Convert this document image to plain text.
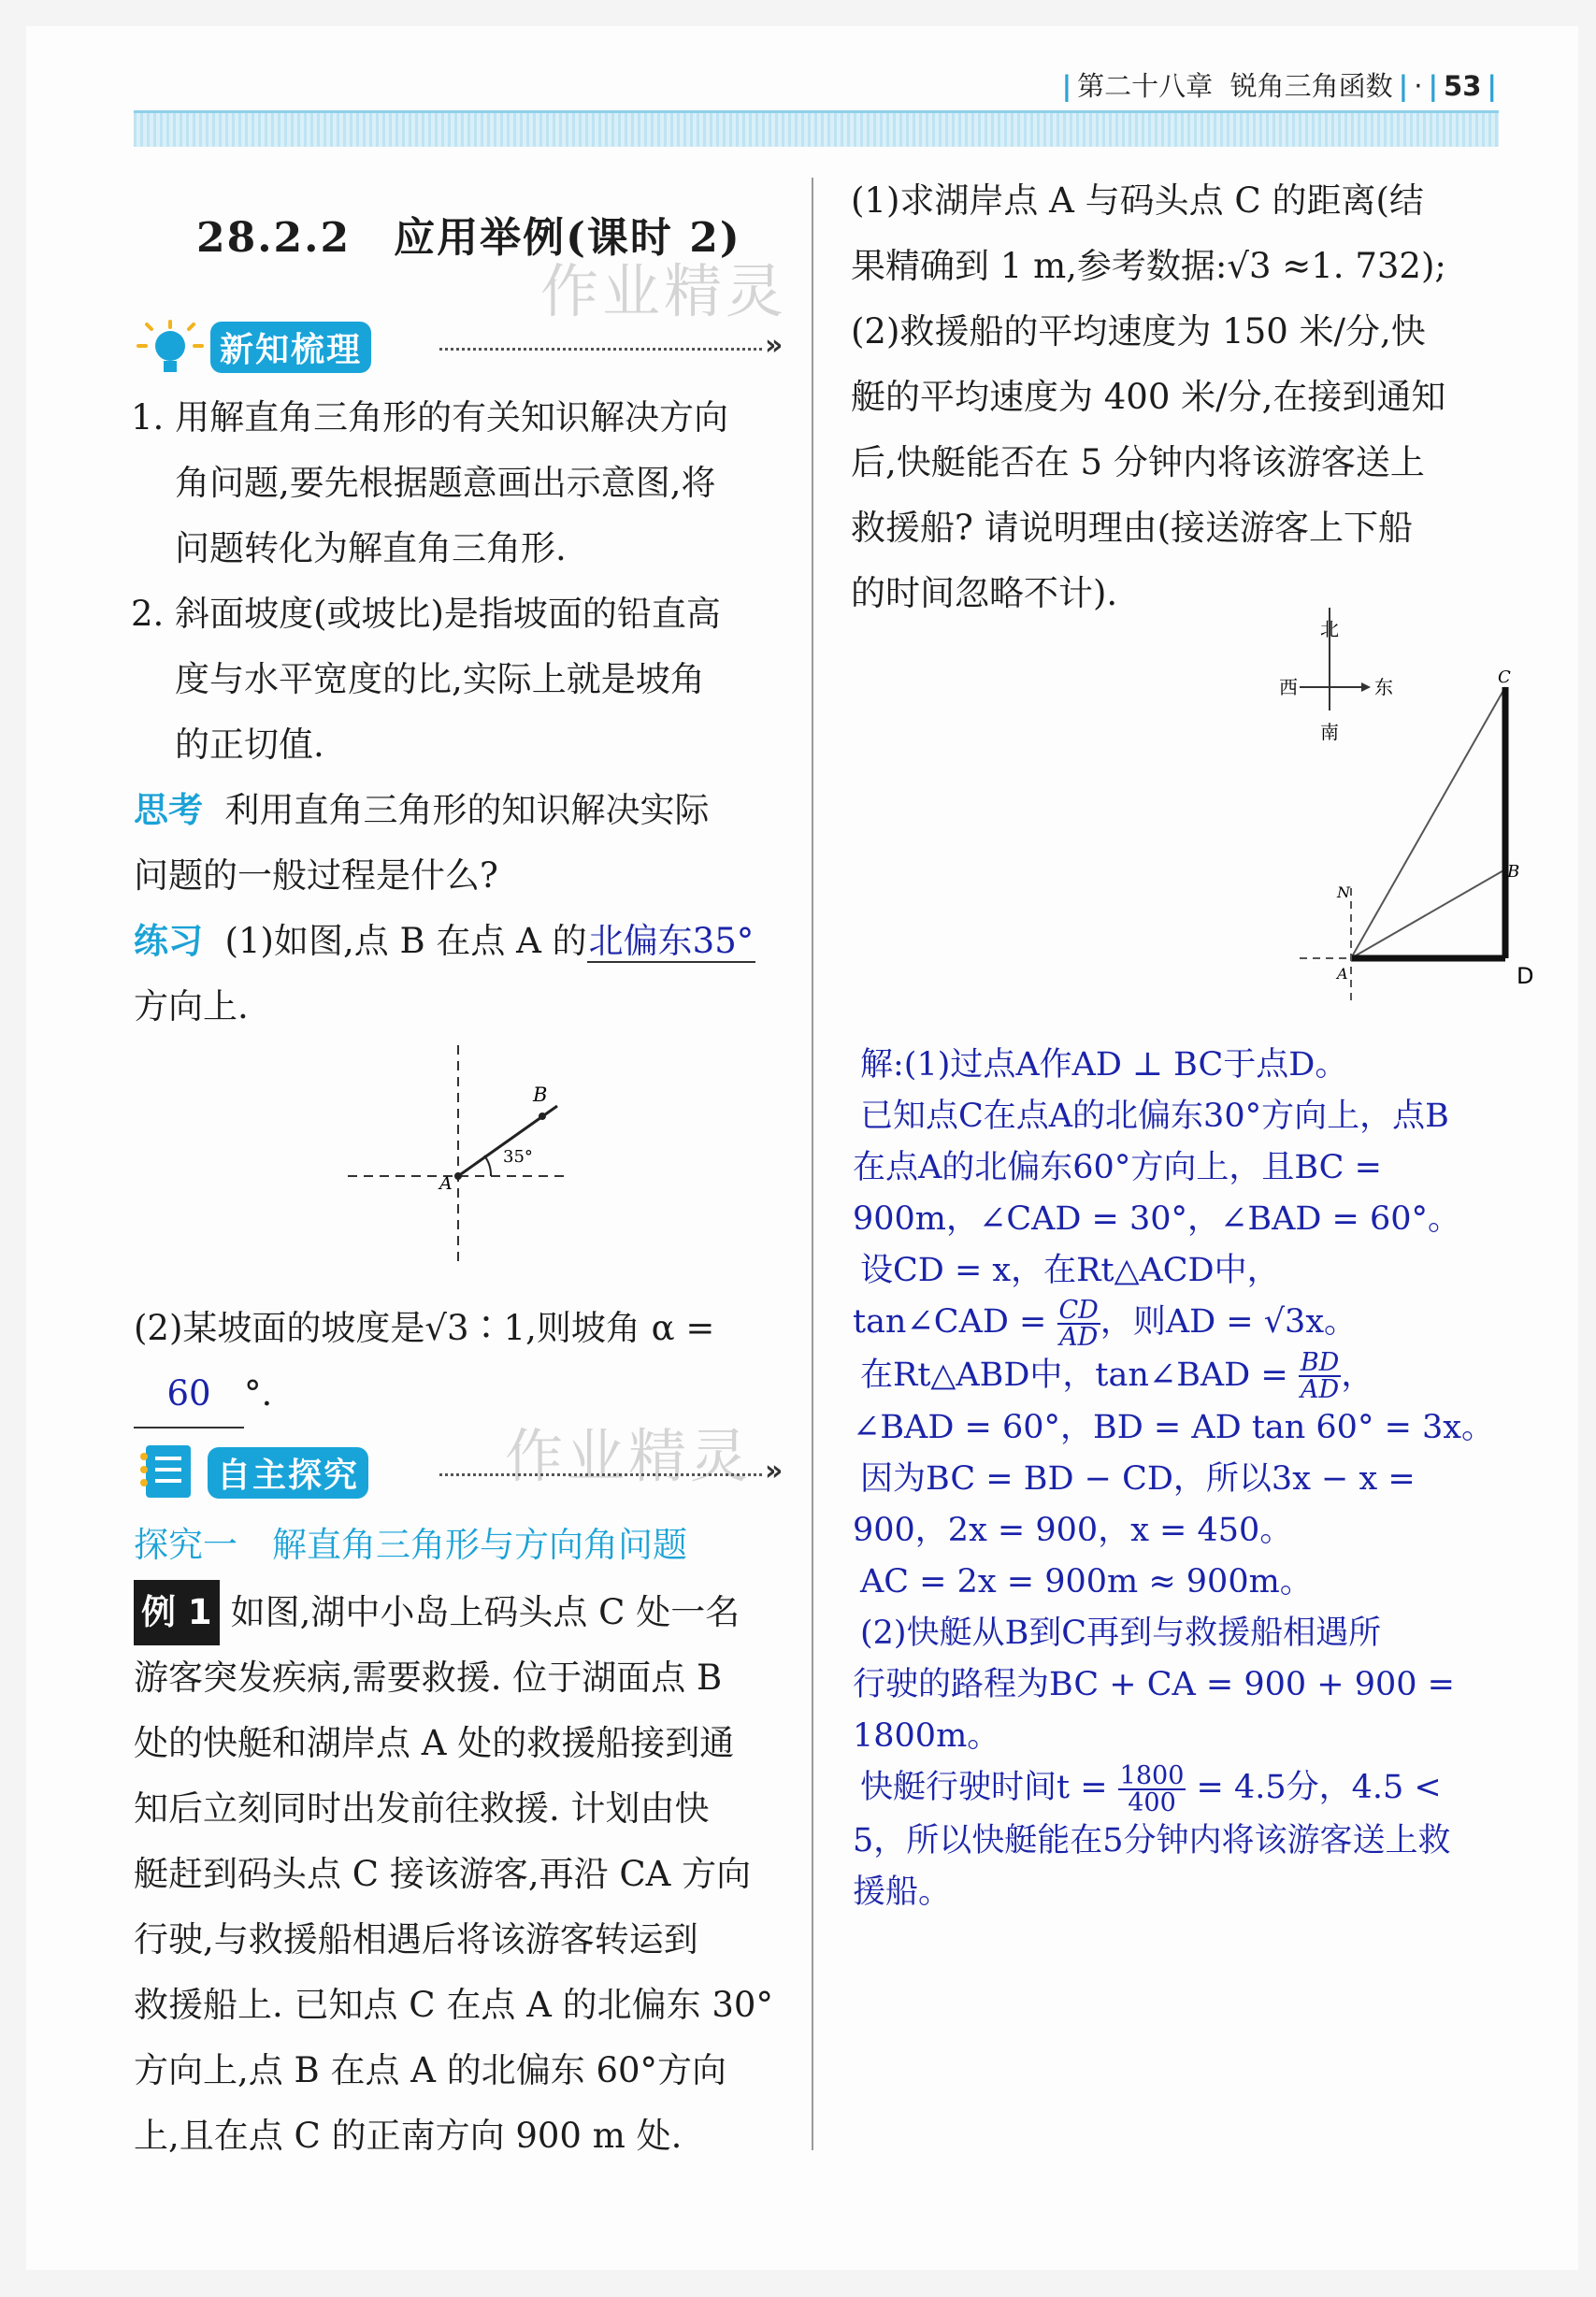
| 第二十八章 锐角三角函数 | · | 53 |
28.2.2　应用举例(课时 2)
作业精灵
新知梳理	»
1. 用解直角三角形的有关知识解决方向
角问题,要先根据题意画出示意图,将
问题转化为解直角三角形.
2. 斜面坡度(或坡比)是指坡面的铅直高
度与水平宽度的比,实际上就是坡角
的正切值.
思考 利用直角三角形的知识解决实际
问题的一般过程是什么?
练习 (1)如图,点 B 在点 A 的北偏东35°
方向上.
A
B
35°
(2)某坡面的坡度是√3∶1,则坡角 α =
60 °.
自主探究	作业精灵 »
探究一　解直角三角形与方向角问题
例 1 如图,湖中小岛上码头点 C 处一名
游客突发疾病,需要救援. 位于湖面点 B
处的快艇和湖岸点 A 处的救援船接到通
知后立刻同时出发前往救援. 计划由快
艇赶到码头点 C 接该游客,再沿 CA 方向
行驶,与救援船相遇后将该游客转运到
救援船上. 已知点 C 在点 A 的北偏东 30°
方向上,点 B 在点 A 的北偏东 60°方向
上,且在点 C 的正南方向 900 m 处.
(1)求湖岸点 A 与码头点 C 的距离(结
果精确到 1 m,参考数据:√3 ≈1. 732);
(2)救援船的平均速度为 150 米/分,快
艇的平均速度为 400 米/分,在接到通知
后,快艇能否在 5 分钟内将该游客送上
救援船? 请说明理由(接送游客上下船
的时间忽略不计).
北
南
西	东	C
B
N
A	D
解:(1)过点A作AD ⊥ BC于点D。
已知点C在点A的北偏东30°方向上，点B
在点A的北偏东60°方向上，且BC =
900m，∠CAD = 30°，∠BAD = 60°。
设CD = x，在Rt△ACD中，
tan∠CAD = $\frac{CD}{AD}$ ，则AD = √3x。
在Rt△ABD中，tan∠BAD = $\frac{BD}{AD}$ ，
∠BAD = 60°，BD = AD tan 60° = 3x。
因为BC = BD − CD，所以3x − x =
900，2x = 900，x = 450。
AC = 2x = 900m ≈ 900m。
(2)快艇从B到C再到与救援船相遇所
行驶的路程为BC + CA = 900 + 900 =
1800m。
快艇行驶时间$t = \frac{1800}{400} = 4.5$分，4.5 <
5，所以快艇能在5分钟内将该游客送上救
援船。
